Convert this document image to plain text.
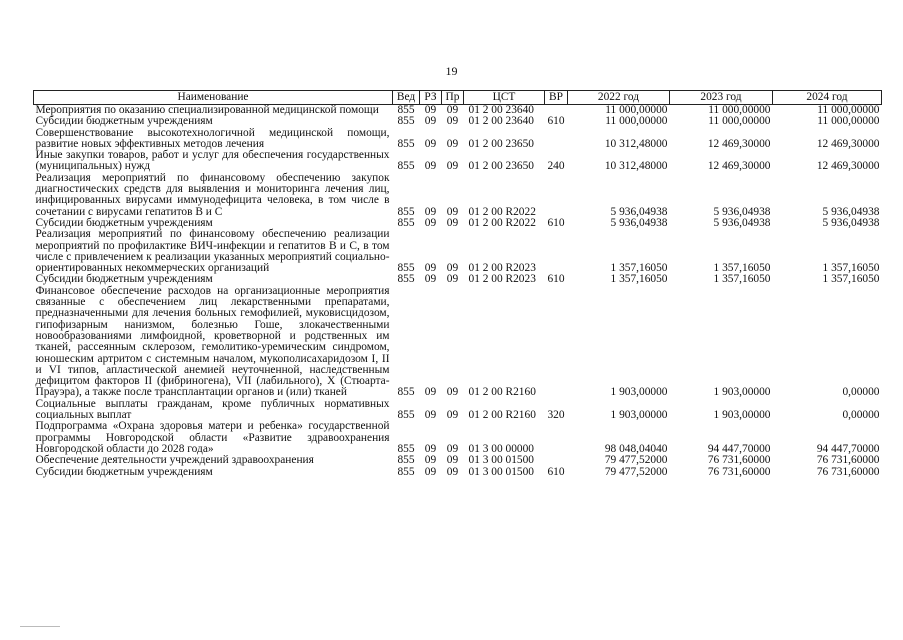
19
Наименование	Вед	РЗ	Пр	ЦСТ	ВР	2022 год	2023 год	2024 год
Мероприятия по оказанию специализированной медицинской помощи	855	09	09	01 2 00 23640		11 000,00000	11 000,00000	11 000,00000
Субсидии бюджетным учреждениям	855	09	09	01 2 00 23640	610	11 000,00000	11 000,00000	11 000,00000
Совершенствование высокотехнологичной медицинской помощи, развитие новых эффективных методов лечения	855	09	09	01 2 00 23650		10 312,48000	12 469,30000	12 469,30000
Иные закупки товаров, работ и услуг для обеспечения государственных (муниципальных) нужд	855	09	09	01 2 00 23650	240	10 312,48000	12 469,30000	12 469,30000
Реализация мероприятий по финансовому обеспечению закупок диагностических средств для выявления и мониторинга лечения лиц, инфицированных вирусами иммунодефицита человека, в том числе в сочетании с вирусами гепатитов В и С	855	09	09	01 2 00 R2022		5 936,04938	5 936,04938	5 936,04938
Субсидии бюджетным учреждениям	855	09	09	01 2 00 R2022	610	5 936,04938	5 936,04938	5 936,04938
Реализация мероприятий по финансовому обеспечению реализации мероприятий по профилактике ВИЧ-инфекции и гепатитов В и С, в том числе с привлечением к реализации указанных мероприятий социально-ориентированных некоммерческих организаций	855	09	09	01 2 00 R2023		1 357,16050	1 357,16050	1 357,16050
Субсидии бюджетным учреждениям	855	09	09	01 2 00 R2023	610	1 357,16050	1 357,16050	1 357,16050
Финансовое обеспечение расходов на организационные мероприятия связанные с обеспечением лиц лекарственными препаратами, предназначенными для лечения больных гемофилией, муковисцидозом, гипофизарным нанизмом, болезнью Гоше, злокачественными новообразованиями лимфоидной, кроветворной и родственных им тканей, рассеянным склерозом, гемолитико-уремическим синдромом, юношеским артритом с системным началом, мукополисахаридозом I, II и VI типов, апластической анемией неуточненной, наследственным дефицитом факторов II (фибриногена), VII (лабильного), X (Стюарта-Прауэра), а также после трансплантации органов и (или) тканей	855	09	09	01 2 00 R2160		1 903,00000	1 903,00000	0,00000
Социальные выплаты гражданам, кроме публичных нормативных социальных выплат	855	09	09	01 2 00 R2160	320	1 903,00000	1 903,00000	0,00000
Подпрограмма «Охрана здоровья матери и ребенка» государственной программы Новгородской области «Развитие здравоохранения Новгородской области до 2028 года»	855	09	09	01 3 00 00000		98 048,04040	94 447,70000	94 447,70000
Обеспечение деятельности учреждений здравоохранения	855	09	09	01 3 00 01500		79 477,52000	76 731,60000	76 731,60000
Субсидии бюджетным учреждениям	855	09	09	01 3 00 01500	610	79 477,52000	76 731,60000	76 731,60000
